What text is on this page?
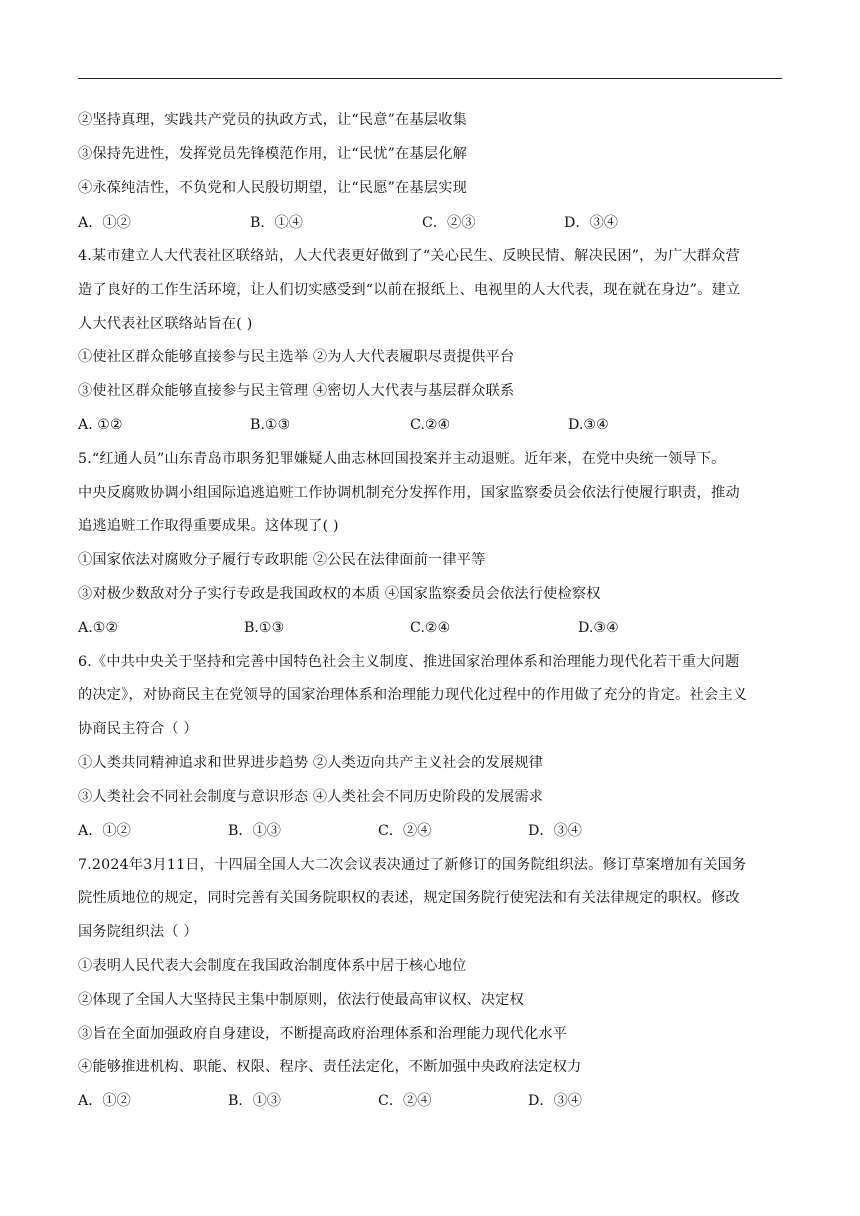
②坚持真理，实践共产党员的执政方式，让“民意”在基层收集
③保持先进性，发挥党员先锋模范作用，让“民忧”在基层化解
④永葆纯洁性，不负党和人民殷切期望，让“民愿”在基层实现
A．①②	B．①④	C．②③	D．③④
4.某市建立人大代表社区联络站，人大代表更好做到了“关心民生、反映民情、解决民困”，为广大群众营
造了良好的工作生活环境，让人们切实感受到“以前在报纸上、电视里的人大代表，现在就在身边”。建立
人大代表社区联络站旨在( )
①使社区群众能够直接参与民主选举 ②为人大代表履职尽责提供平台
③使社区群众能够直接参与民主管理 ④密切人大代表与基层群众联系
A. ①②	B.①③	C.②④	D.③④
5.“红通人员”山东青岛市职务犯罪嫌疑人曲志林回国投案并主动退赃。近年来，在党中央统一领导下。
中央反腐败协调小组国际追逃追赃工作协调机制充分发挥作用，国家监察委员会依法行使履行职责，推动
追逃追赃工作取得重要成果。这体现了( )
①国家依法对腐败分子履行专政职能 ②公民在法律面前一律平等
③对极少数敌对分子实行专政是我国政权的本质 ④国家监察委员会依法行使检察权
A.①②	B.①③	C.②④	D.③④
6.《中共中央关于坚持和完善中国特色社会主义制度、推进国家治理体系和治理能力现代化若干重大问题
的决定》，对协商民主在党领导的国家治理体系和治理能力现代化过程中的作用做了充分的肯定。社会主义
协商民主符合（ ）
①人类共同精神追求和世界进步趋势 ②人类迈向共产主义社会的发展规律
③人类社会不同社会制度与意识形态 ④人类社会不同历史阶段的发展需求
A．①②	B．①③	C．②④	D．③④
7.2024年3月11日，十四届全国人大二次会议表决通过了新修订的国务院组织法。修订草案增加有关国务
院性质地位的规定，同时完善有关国务院职权的表述，规定国务院行使宪法和有关法律规定的职权。修改
国务院组织法（ ）
①表明人民代表大会制度在我国政治制度体系中居于核心地位
②体现了全国人大坚持民主集中制原则，依法行使最高审议权、决定权
③旨在全面加强政府自身建设，不断提高政府治理体系和治理能力现代化水平
④能够推进机构、职能、权限、程序、责任法定化，不断加强中央政府法定权力
A．①②	B．①③	C．②④	D．③④
